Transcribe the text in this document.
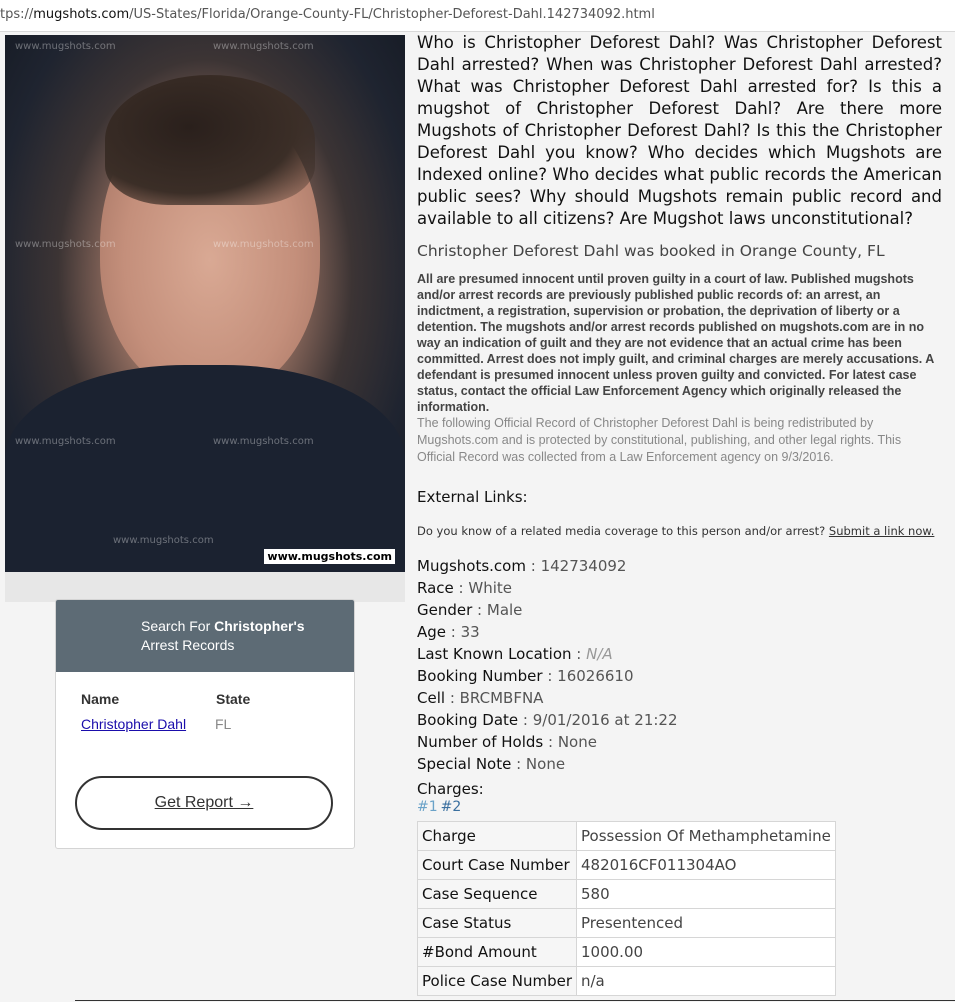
tps://mugshots.com/US-States/Florida/Orange-County-FL/Christopher-Deforest-Dahl.142734092.html
www.mugshots.com	www.mugshots.com
www.mugshots.com	www.mugshots.com
www.mugshots.com	www.mugshots.com
www.mugshots.com
www.mugshots.com
Search For Christopher's
Arrest Records
Name	State
Christopher Dahl FL
Get Report →

Who is Christopher Deforest Dahl? Was Christopher Deforest Dahl arrested? When was Christopher Deforest Dahl arrested? What was Christopher Deforest Dahl arrested for? Is this a mugshot of Christopher Deforest Dahl? Are there more Mugshots of Christopher Deforest Dahl? Is this the Christopher Deforest Dahl you know? Who decides which Mugshots are Indexed online? Who decides what public records the American public sees? Why should Mugshots remain public record and available to all citizens? Are Mugshot laws unconstitutional?

Christopher Deforest Dahl was booked in Orange County, FL

All are presumed innocent until proven guilty in a court of law. Published mugshots and/or arrest records are previously published public records of: an arrest, an indictment, a registration, supervision or probation, the deprivation of liberty or a detention. The mugshots and/or arrest records published on mugshots.com are in no way an indication of guilt and they are not evidence that an actual crime has been committed. Arrest does not imply guilt, and criminal charges are merely accusations. A defendant is presumed innocent unless proven guilty and convicted. For latest case status, contact the official Law Enforcement Agency which originally released the information.

The following Official Record of Christopher Deforest Dahl is being redistributed by Mugshots.com and is protected by constitutional, publishing, and other legal rights. This Official Record was collected from a Law Enforcement agency on 9/3/2016.

External Links:

Do you know of a related media coverage to this person and/or arrest? Submit a link now.

Mugshots.com : 142734092
Race : White
Gender : Male
Age : 33
Last Known Location : N/A
Booking Number : 16026610
Cell : BRCMBFNA
Booking Date : 9/01/2016 at 21:22
Number of Holds : None
Special Note : None

Charges:

#1 #2
Charge	Possession Of Methamphetamine
Court Case Number	482016CF011304AO
Case Sequence	580
Case Status	Presentenced
#Bond Amount	1000.00
Police Case Number	n/a
